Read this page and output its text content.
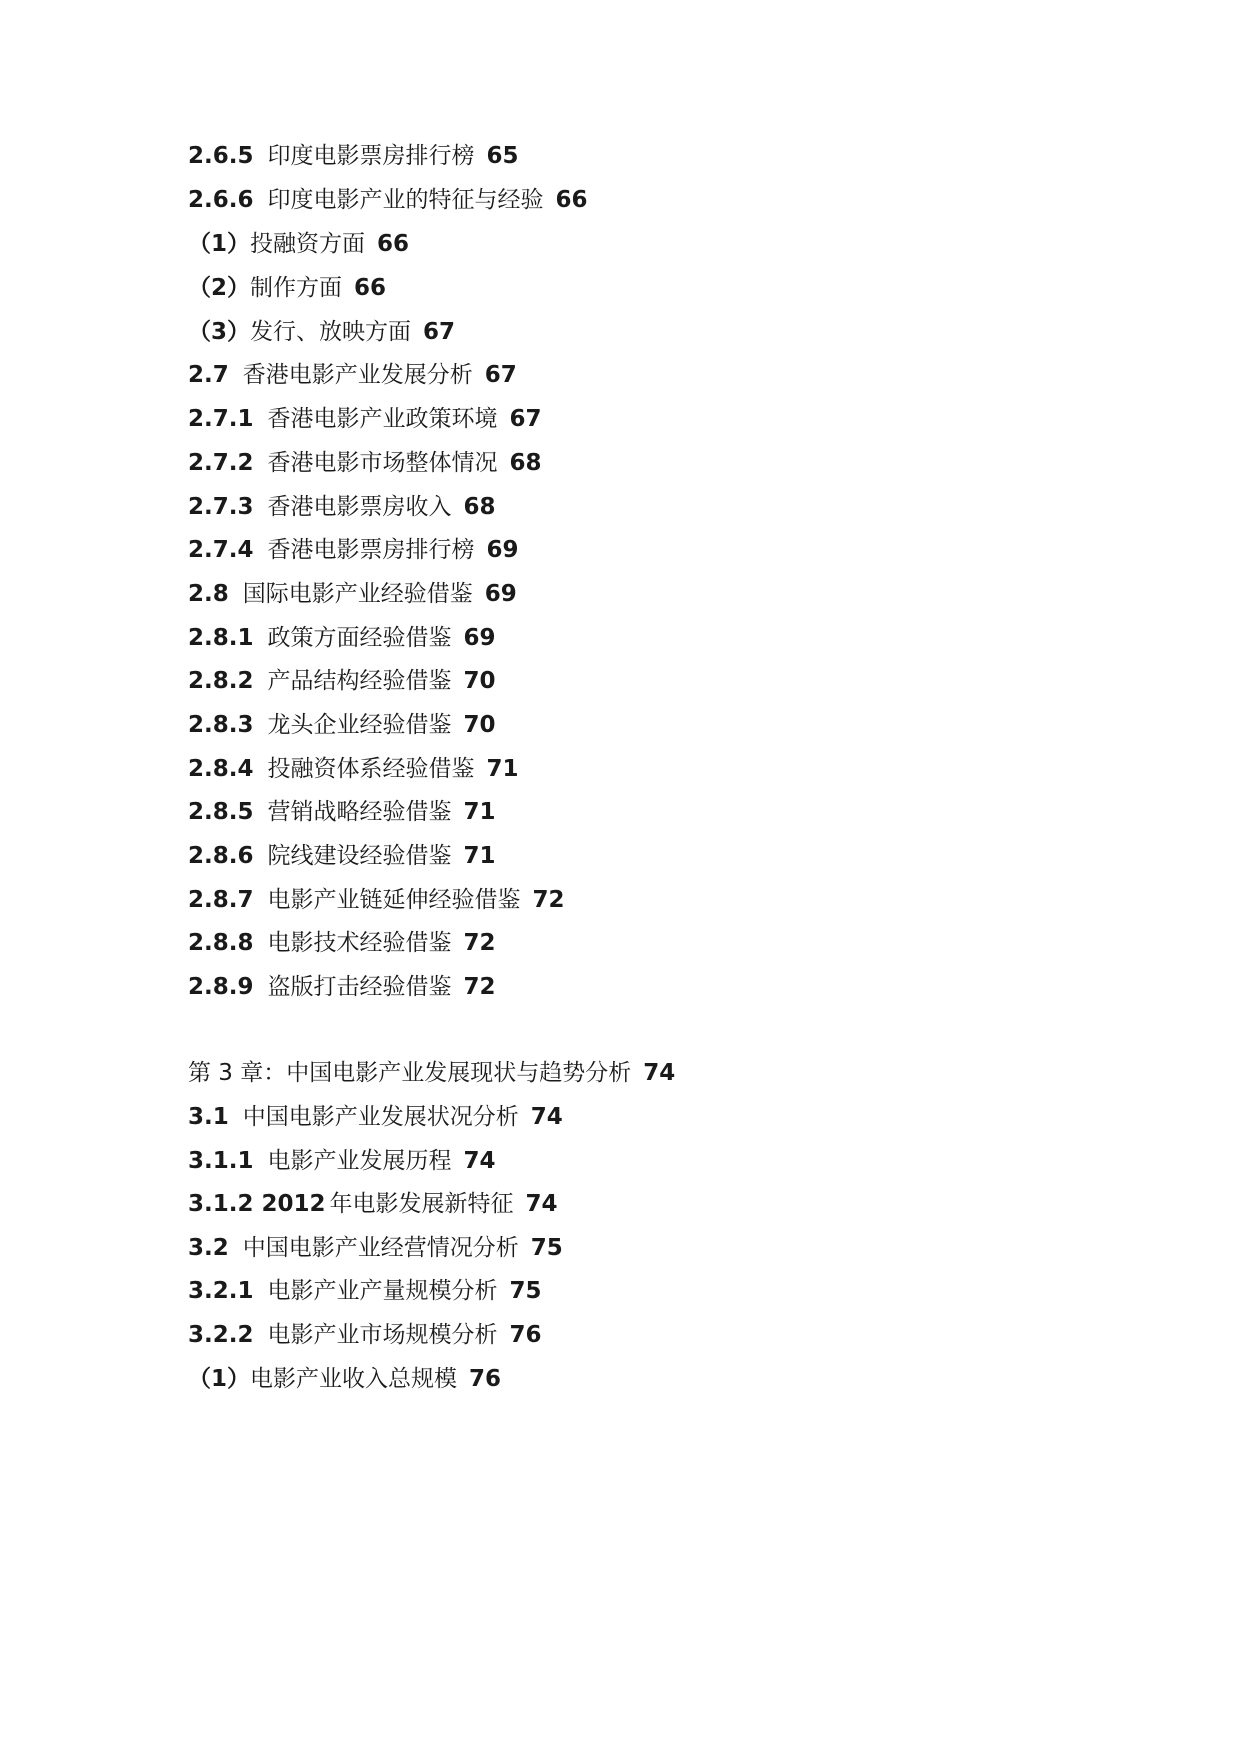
2.6.5 印度电影票房排行榜 65
2.6.6 印度电影产业的特征与经验 66
（1）投融资方面 66
（2）制作方面 66
（3）发行、放映方面 67
2.7 香港电影产业发展分析 67
2.7.1 香港电影产业政策环境 67
2.7.2 香港电影市场整体情况 68
2.7.3 香港电影票房收入 68
2.7.4 香港电影票房排行榜 69
2.8 国际电影产业经验借鉴 69
2.8.1 政策方面经验借鉴 69
2.8.2 产品结构经验借鉴 70
2.8.3 龙头企业经验借鉴 70
2.8.4 投融资体系经验借鉴 71
2.8.5 营销战略经验借鉴 71
2.8.6 院线建设经验借鉴 71
2.8.7 电影产业链延伸经验借鉴 72
2.8.8 电影技术经验借鉴 72
2.8.9 盗版打击经验借鉴 72
第 3 章：中国电影产业发展现状与趋势分析 74
3.1 中国电影产业发展状况分析 74
3.1.1 电影产业发展历程 74
3.1.2 2012 年电影发展新特征 74
3.2 中国电影产业经营情况分析 75
3.2.1 电影产业产量规模分析 75
3.2.2 电影产业市场规模分析 76
（1）电影产业收入总规模 76
